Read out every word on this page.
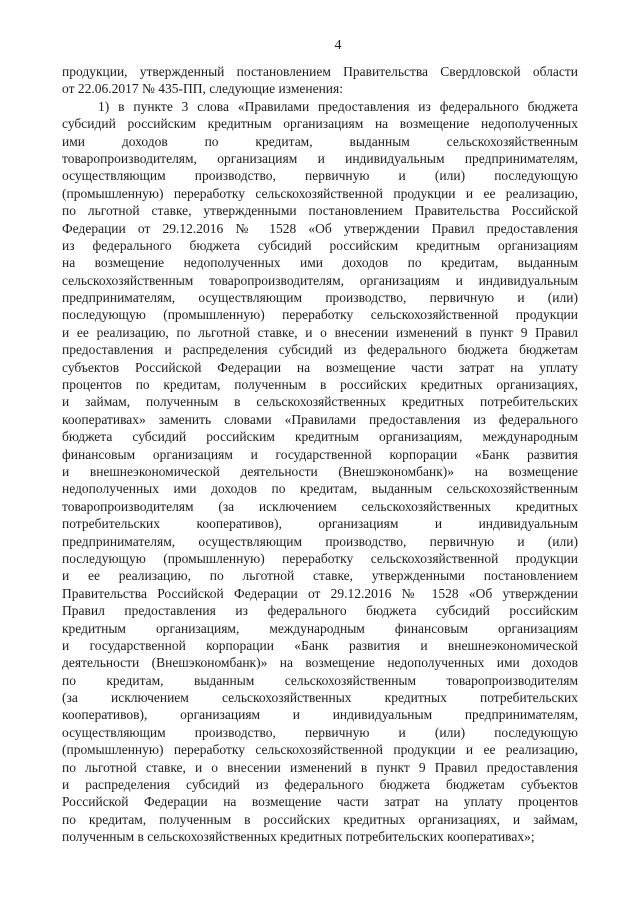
4
продукции, утвержденный постановлением Правительства Свердловской области
от 22.06.2017 № 435-ПП, следующие изменения:
1) в пункте 3 слова «Правилами предоставления из федерального бюджета
субсидий российским кредитным организациям на возмещение недополученных
ими доходов по кредитам, выданным сельскохозяйственным
товаропроизводителям, организациям и индивидуальным предпринимателям,
осуществляющим производство, первичную и (или) последующую
(промышленную) переработку сельскохозяйственной продукции и ее реализацию,
по льготной ставке, утвержденными постановлением Правительства Российской
Федерации от 29.12.2016 № 1528 «Об утверждении Правил предоставления
из федерального бюджета субсидий российским кредитным организациям
на возмещение недополученных ими доходов по кредитам, выданным
сельскохозяйственным товаропроизводителям, организациям и индивидуальным
предпринимателям, осуществляющим производство, первичную и (или)
последующую (промышленную) переработку сельскохозяйственной продукции
и ее реализацию, по льготной ставке, и о внесении изменений в пункт 9 Правил
предоставления и распределения субсидий из федерального бюджета бюджетам
субъектов Российской Федерации на возмещение части затрат на уплату
процентов по кредитам, полученным в российских кредитных организациях,
и займам, полученным в сельскохозяйственных кредитных потребительских
кооперативах» заменить словами «Правилами предоставления из федерального
бюджета субсидий российским кредитным организациям, международным
финансовым организациям и государственной корпорации «Банк развития
и внешнеэкономической деятельности (Внешэкономбанк)» на возмещение
недополученных ими доходов по кредитам, выданным сельскохозяйственным
товаропроизводителям (за исключением сельскохозяйственных кредитных
потребительских кооперативов), организациям и индивидуальным
предпринимателям, осуществляющим производство, первичную и (или)
последующую (промышленную) переработку сельскохозяйственной продукции
и ее реализацию, по льготной ставке, утвержденными постановлением
Правительства Российской Федерации от 29.12.2016 № 1528 «Об утверждении
Правил предоставления из федерального бюджета субсидий российским
кредитным организациям, международным финансовым организациям
и государственной корпорации «Банк развития и внешнеэкономической
деятельности (Внешэкономбанк)» на возмещение недополученных ими доходов
по кредитам, выданным сельскохозяйственным товаропроизводителям
(за исключением сельскохозяйственных кредитных потребительских
кооперативов), организациям и индивидуальным предпринимателям,
осуществляющим производство, первичную и (или) последующую
(промышленную) переработку сельскохозяйственной продукции и ее реализацию,
по льготной ставке, и о внесении изменений в пункт 9 Правил предоставления
и распределения субсидий из федерального бюджета бюджетам субъектов
Российской Федерации на возмещение части затрат на уплату процентов
по кредитам, полученным в российских кредитных организациях, и займам,
полученным в сельскохозяйственных кредитных потребительских кооперативах»;
